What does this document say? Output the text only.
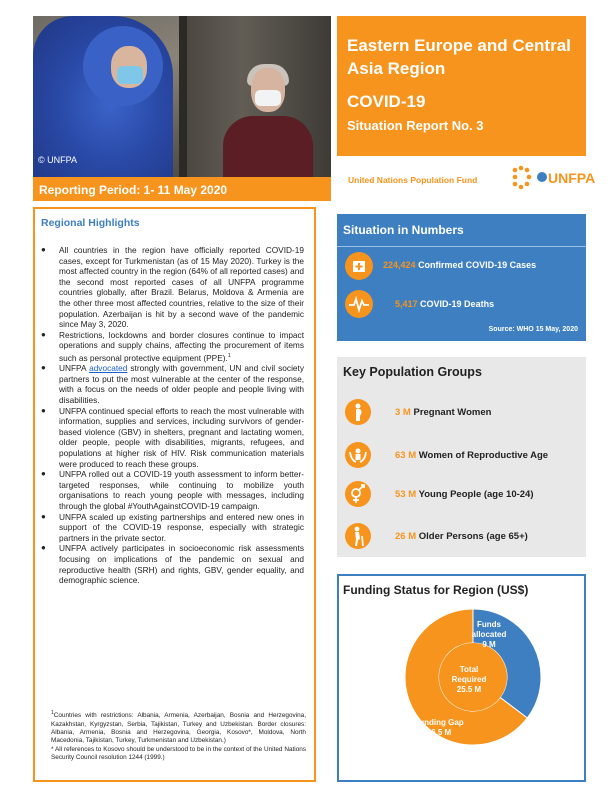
© UNFPA
Eastern Europe and Central Asia Region
COVID-19
Situation Report No. 3
United Nations Population Fund	UNFPA
Reporting Period: 1- 11 May 2020
Regional Highlights
● All countries in the region have officially reported COVID-19 cases, except for Turkmenistan (as of 15 May 2020). Turkey is the most affected country in the region (64% of all reported cases) and the second most reported cases of all UNFPA programme countries globally, after Brazil. Belarus, Moldova & Armenia are the other three most affected countries, relative to the size of their population. Azerbaijan is hit by a second wave of the pandemic since May 3, 2020.
● Restrictions, lockdowns and border closures continue to impact operations and supply chains, affecting the procurement of items such as personal protective equipment (PPE).$^1$
● UNFPA advocated strongly with government, UN and civil society partners to put the most vulnerable at the center of the response, with a focus on the needs of older people and people living with disabilities.
● UNFPA continued special efforts to reach the most vulnerable with information, supplies and services, including survivors of gender-based violence (GBV) in shelters, pregnant and lactating women, older people, people with disabilities, migrants, refugees, and populations at higher risk of HIV. Risk communication materials were produced to reach these groups.
● UNFPA rolled out a COVID-19 youth assessment to inform better-targeted responses, while continuing to mobilize youth organisations to reach young people with messages, including through the global #YouthAgainstCOVID-19 campaign.
● UNFPA scaled up existing partnerships and entered new ones in support of the COVID-19 response, especially with strategic partners in the private sector.
● UNFPA actively participates in socioeconomic risk assessments focusing on implications of the pandemic on sexual and reproductive health (SRH) and rights, GBV, gender equality, and demographic science.
$^1$Countries with restrictions: Albania, Armenia, Azerbaijan, Bosnia and Herzegovina, Kazakhstan, Kyrgyzstan, Serbia, Tajikistan, Turkey and Uzbekistan. Border closures: Albania, Armenia, Bosnia and Herzegovina, Georgia, Kosovo*, Moldova, North Macedonia, Tajikistan, Turkey, Turkmenistan and Uzbekistan.)
* All references to Kosovo should be understood to be in the context of the United Nations Security Council resolution 1244 (1999.)
Situation in Numbers
224,424 Confirmed COVID-19 Cases
5,417 COVID-19 Deaths
Source: WHO 15 May, 2020
Key Population Groups
3 M Pregnant Women
63 M Women of Reproductive Age
53 M Young People (age 10-24)
26 M Older Persons (age 65+)
Funding Status for Region (US$)
Funds
allocated
9 M
Total
Required
25.5 M
Funding Gap
16.5 M
